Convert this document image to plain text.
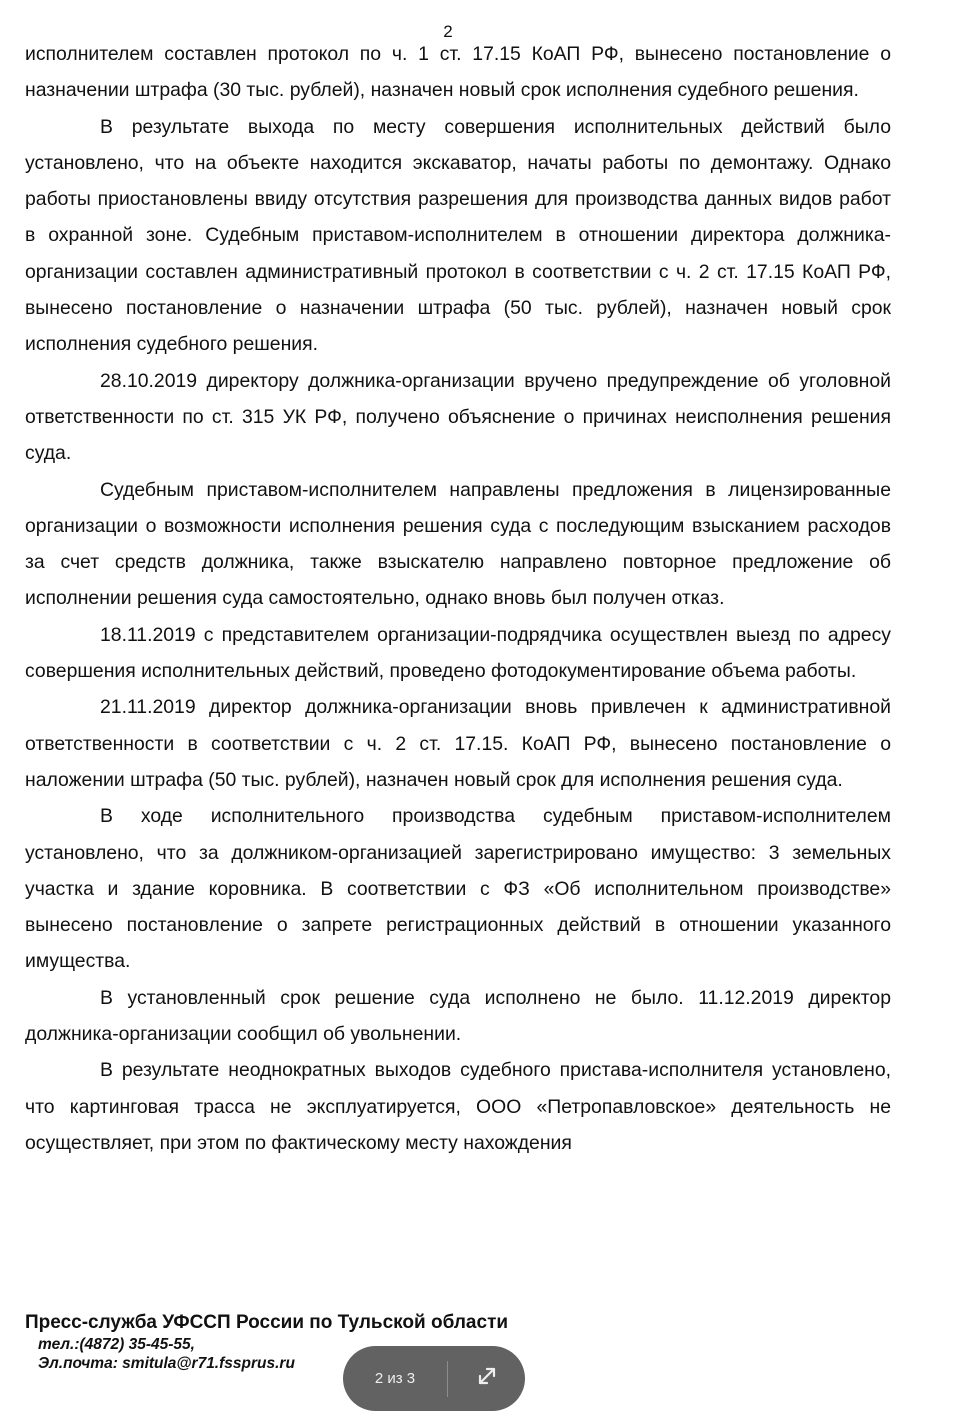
2

исполнителем составлен протокол по ч. 1 ст. 17.15 КоАП РФ, вынесено постановление о назначении штрафа (30 тыс. рублей), назначен новый срок исполнения судебного решения.

В результате выхода по месту совершения исполнительных действий было установлено, что на объекте находится экскаватор, начаты работы по демонтажу. Однако работы приостановлены ввиду отсутствия разрешения для производства данных видов работ в охранной зоне. Судебным приставом-исполнителем в отношении директора должника-организации составлен административный протокол в соответствии с ч. 2 ст. 17.15 КоАП РФ, вынесено постановление о назначении штрафа (50 тыс. рублей), назначен новый срок исполнения судебного решения.

28.10.2019 директору должника-организации вручено предупреждение об уголовной ответственности по ст. 315 УК РФ, получено объяснение о причинах неисполнения решения суда.

Судебным приставом-исполнителем направлены предложения в лицензированные организации о возможности исполнения решения суда с последующим взысканием расходов за счет средств должника, также взыскателю направлено повторное предложение об исполнении решения суда самостоятельно, однако вновь был получен отказ.

18.11.2019 с представителем организации-подрядчика осуществлен выезд по адресу совершения исполнительных действий, проведено фотодокументирование объема работы.

21.11.2019 директор должника-организации вновь привлечен к административной ответственности в соответствии с ч. 2 ст. 17.15. КоАП РФ, вынесено постановление о наложении штрафа (50 тыс. рублей), назначен новый срок для исполнения решения суда.

В ходе исполнительного производства судебным приставом-исполнителем установлено, что за должником-организацией зарегистрировано имущество: 3 земельных участка и здание коровника. В соответствии с ФЗ «Об исполнительном производстве» вынесено постановление о запрете регистрационных действий в отношении указанного имущества.

В установленный срок решение суда исполнено не было. 11.12.2019 директор должника-организации сообщил об увольнении.

В результате неоднократных выходов судебного пристава-исполнителя установлено, что картинговая трасса не эксплуатируется, ООО «Петропавловское» деятельность не осуществляет, при этом по фактическому месту нахождения

Пресс-служба УФССП России по Тульской области
тел.:(4872) 35-45-55,
Эл.почта: smitula@r71.fssprus.ru
2 из 3
